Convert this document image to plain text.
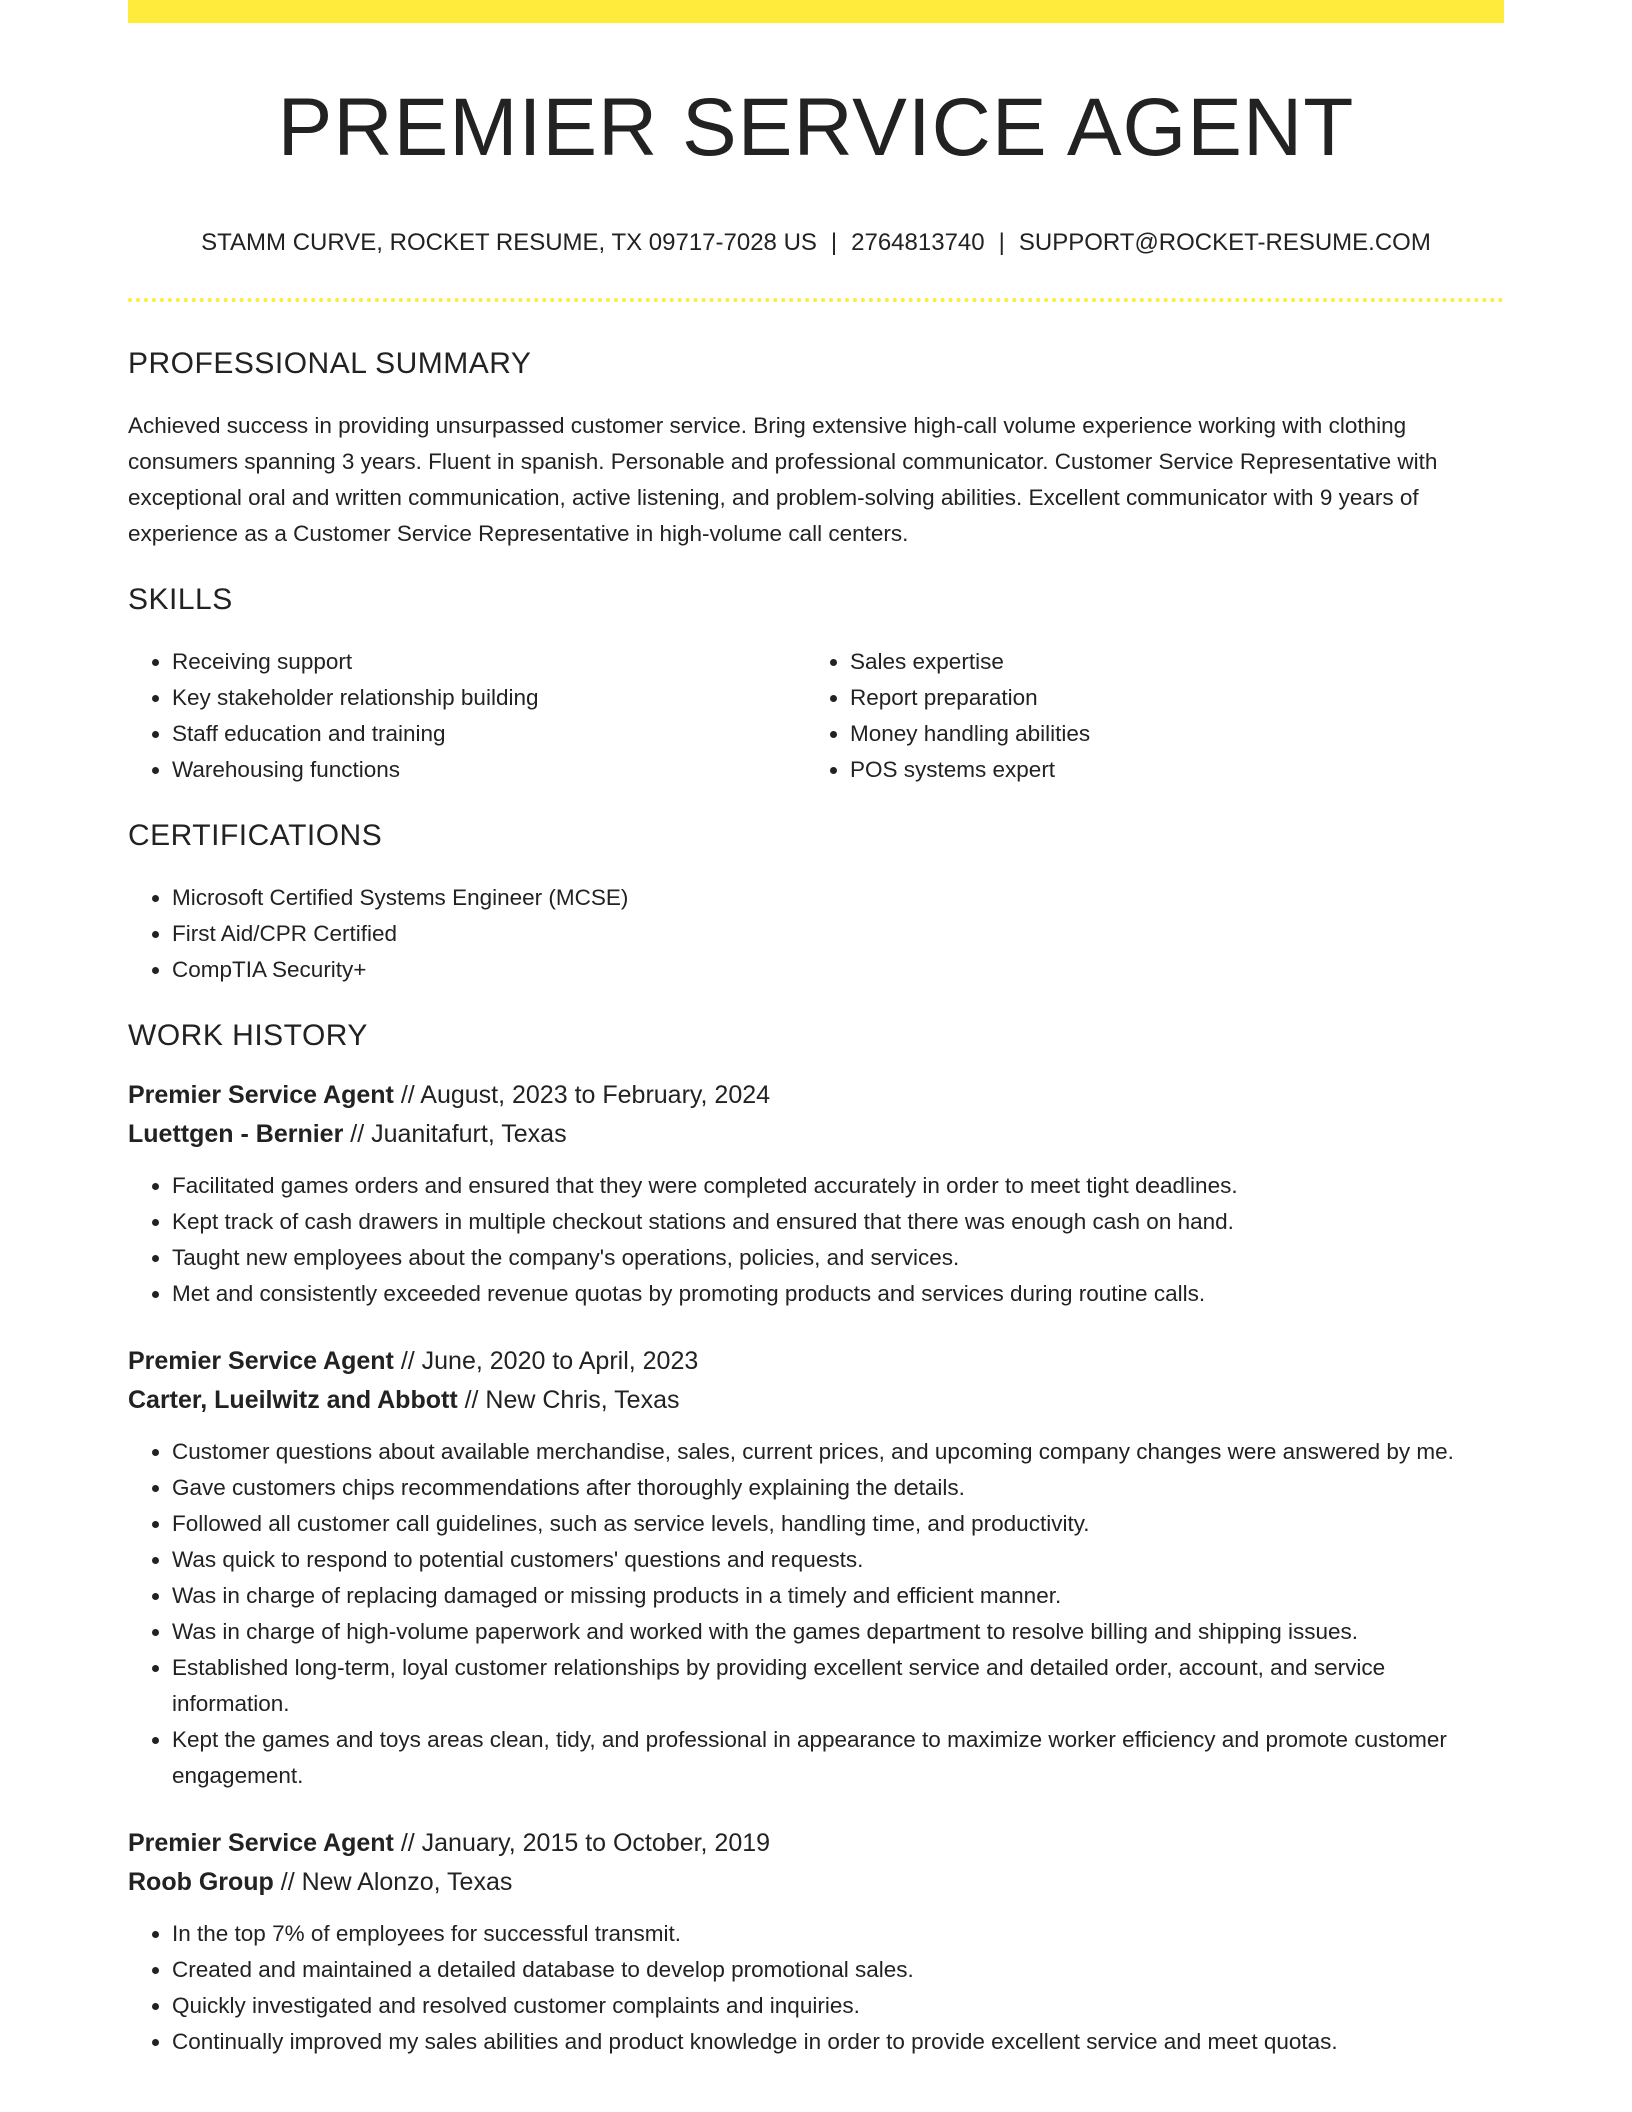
PREMIER SERVICE AGENT
STAMM CURVE, ROCKET RESUME, TX 09717-7028 US | 2764813740 | SUPPORT@ROCKET-RESUME.COM
PROFESSIONAL SUMMARY

Achieved success in providing unsurpassed customer service. Bring extensive high-call volume experience working with clothing consumers spanning 3 years. Fluent in spanish. Personable and professional communicator. Customer Service Representative with exceptional oral and written communication, active listening, and problem-solving abilities. Excellent communicator with 9 years of experience as a Customer Service Representative in high-volume call centers.

SKILLS
• Receiving support
• Key stakeholder relationship building
• Staff education and training
• Warehousing functions
• Sales expertise
• Report preparation
• Money handling abilities
• POS systems expert
CERTIFICATIONS
• Microsoft Certified Systems Engineer (MCSE)
• First Aid/CPR Certified
• CompTIA Security+
WORK HISTORY
Premier Service Agent // August, 2023 to February, 2024
Luettgen - Bernier // Juanitafurt, Texas
• Facilitated games orders and ensured that they were completed accurately in order to meet tight deadlines.
• Kept track of cash drawers in multiple checkout stations and ensured that there was enough cash on hand.
• Taught new employees about the company's operations, policies, and services.
• Met and consistently exceeded revenue quotas by promoting products and services during routine calls.
Premier Service Agent // June, 2020 to April, 2023
Carter, Lueilwitz and Abbott // New Chris, Texas
• Customer questions about available merchandise, sales, current prices, and upcoming company changes were answered by me.
• Gave customers chips recommendations after thoroughly explaining the details.
• Followed all customer call guidelines, such as service levels, handling time, and productivity.
• Was quick to respond to potential customers' questions and requests.
• Was in charge of replacing damaged or missing products in a timely and efficient manner.
• Was in charge of high-volume paperwork and worked with the games department to resolve billing and shipping issues.
• Established long-term, loyal customer relationships by providing excellent service and detailed order, account, and service information.
• Kept the games and toys areas clean, tidy, and professional in appearance to maximize worker efficiency and promote customer engagement.
Premier Service Agent // January, 2015 to October, 2019
Roob Group // New Alonzo, Texas
• In the top 7% of employees for successful transmit.
• Created and maintained a detailed database to develop promotional sales.
• Quickly investigated and resolved customer complaints and inquiries.
• Continually improved my sales abilities and product knowledge in order to provide excellent service and meet quotas.
